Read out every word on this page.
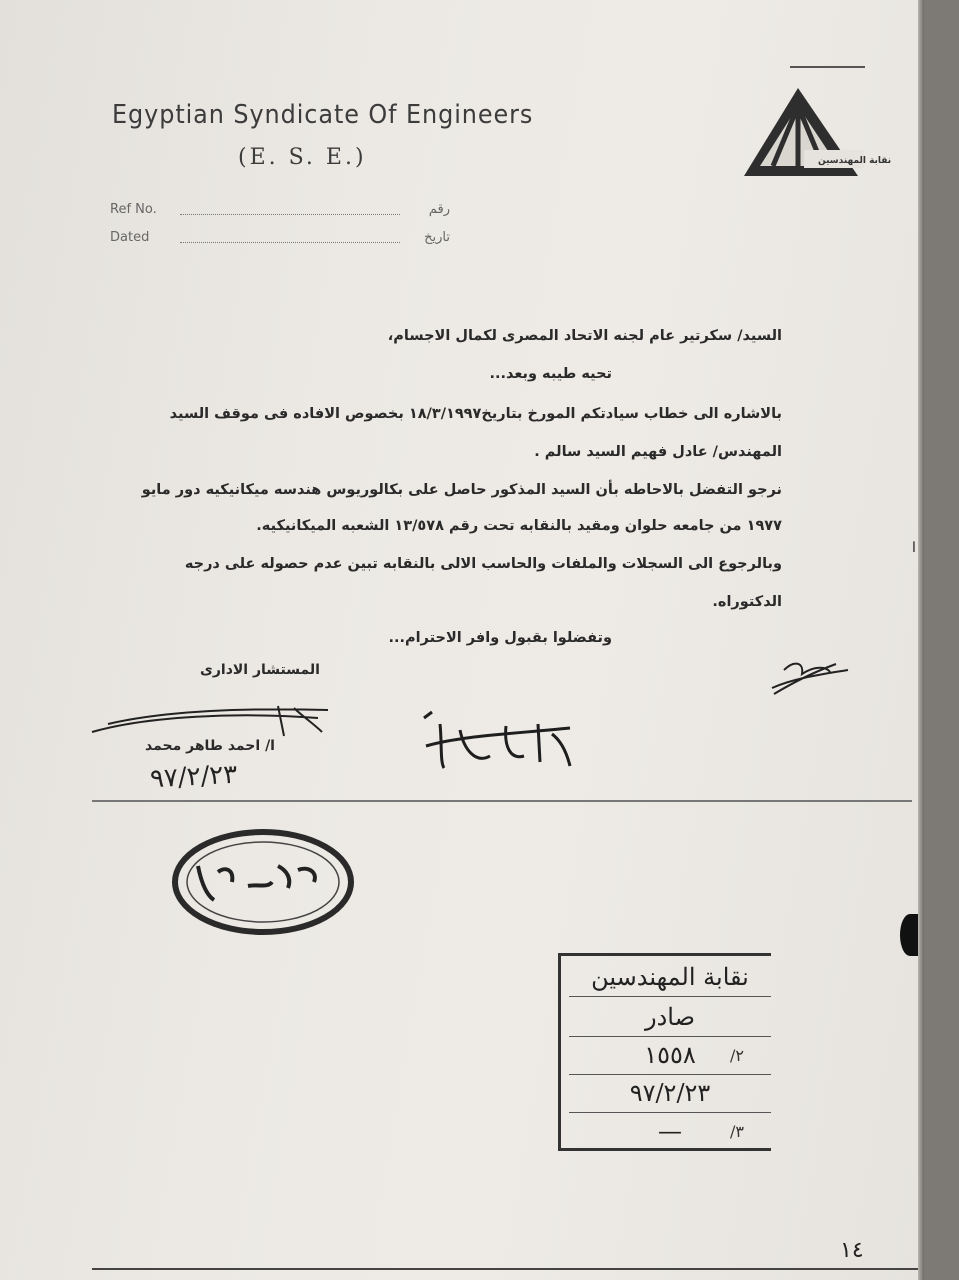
Egyptian Syndicate Of Engineers
(E. S. E.)	نقابة المهندسين
Ref No.	رقم
Dated	تاريخ
السيد/ سكرتير عام لجنه الاتحاد المصرى لكمال الاجسام،
تحيه طيبه وبعد...
بالاشاره الى خطاب سيادتكم المورخ بتاريخ١٨/٣/١٩٩٧ بخصوص الافاده فى موقف السيد
المهندس/ عادل فهيم السيد سالم .
نرجو التفضل بالاحاطه بأن السيد المذكور حاصل على بكالوريوس هندسه ميكانيكيه دور مايو
١٩٧٧ من جامعه حلوان ومقيد بالنقابه تحت رقم ١٣/٥٧٨ الشعبه الميكانيكيه.
وبالرجوع الى السجلات والملفات والحاسب الالى بالنقابه تبين عدم حصوله على درجه
الدكتوراه.
وتفضلوا بقبول وافر الاحترام...
المستشار الادارى
ا/ احمد طاهر محمد
٩٧/٢/٢٣
نقابة المهندسين
صادر
١٥٥٨
٩٧/٢/٢٣
—
/٢
/٣
ا
١٤
